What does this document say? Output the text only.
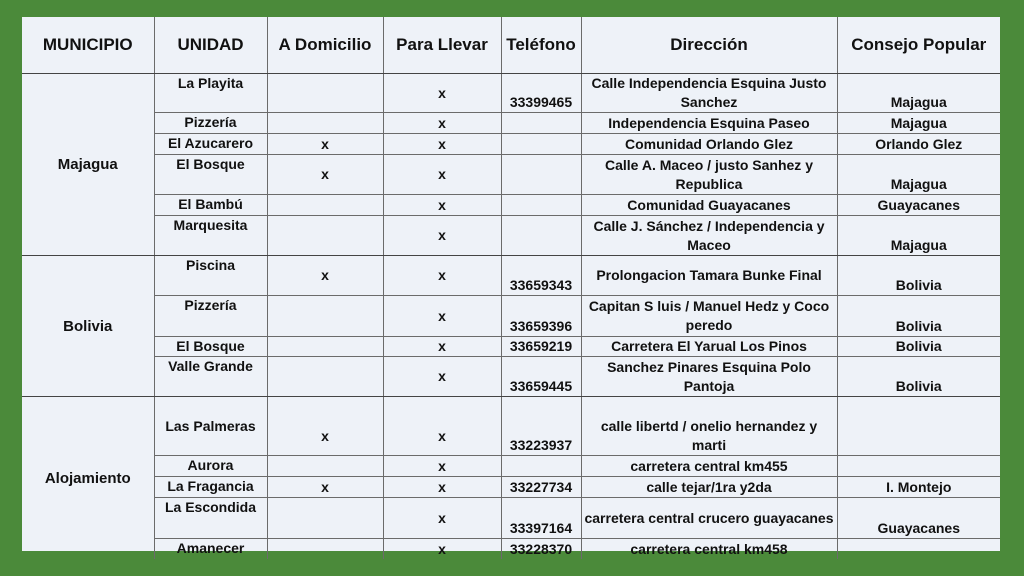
MUNICIPIO	UNIDAD	A Domicilio	Para Llevar	Teléfono	Dirección	Consejo Popular
Majagua	La Playita		x	33399465	Calle Independencia Esquina Justo Sanchez	Majagua
	Pizzería		x		Independencia Esquina Paseo	Majagua
	El Azucarero	x	x		Comunidad Orlando Glez	Orlando Glez
	El Bosque	x	x		Calle A. Maceo / justo Sanhez y Republica	Majagua
	El Bambú		x		Comunidad Guayacanes	Guayacanes
	Marquesita		x		Calle J. Sánchez / Independencia y Maceo	Majagua
Bolivia	Piscina	x	x	33659343	Prolongacion Tamara Bunke Final	Bolivia
	Pizzería		x	33659396	Capitan S luis / Manuel Hedz y Coco peredo	Bolivia
	El Bosque		x	33659219	Carretera El Yarual Los Pinos	Bolivia
	Valle Grande		x	33659445	Sanchez Pinares Esquina Polo Pantoja	Bolivia
Alojamiento						
	Las Palmeras	x	x	33223937	calle libertd / onelio hernandez y marti	
	Aurora		x		carretera central km455	
	La Fragancia	x	x	33227734	calle tejar/1ra y2da	I. Montejo
	La Escondida		x	33397164	carretera central crucero guayacanes	Guayacanes
	Amanecer		x	33228370	carretera central km458	
